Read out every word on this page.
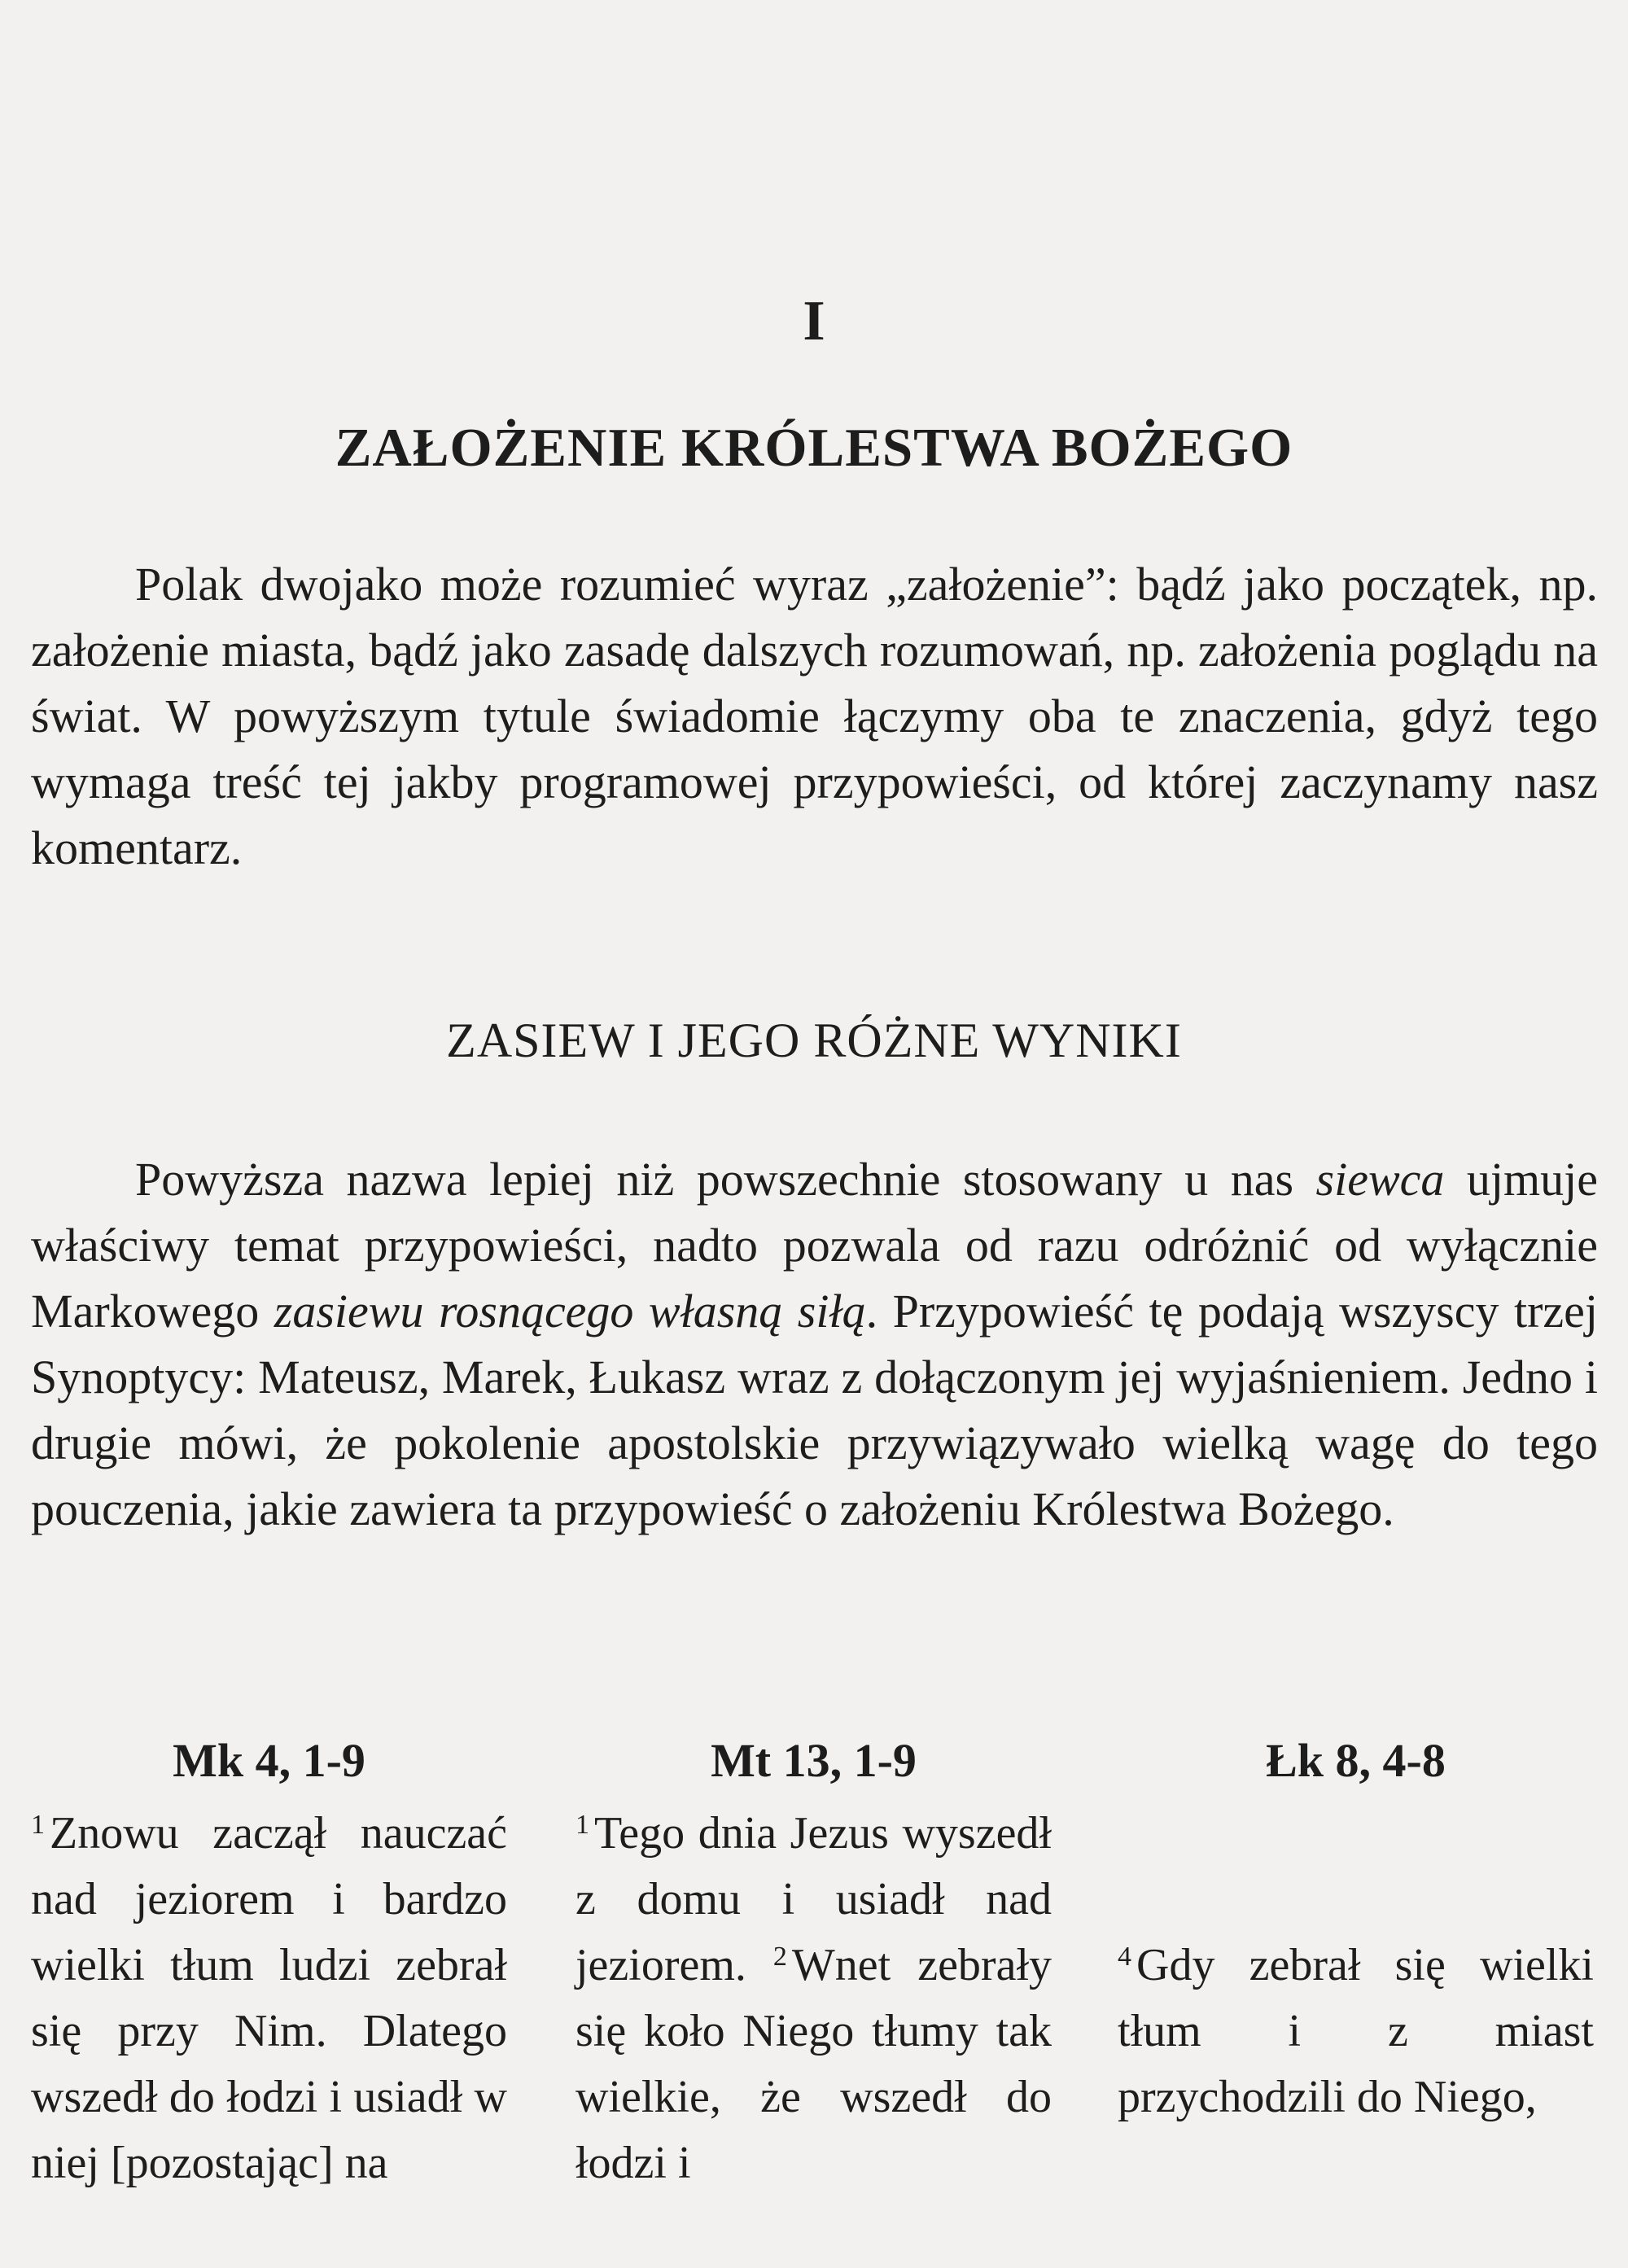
I
ZAŁOŻENIE KRÓLESTWA BOŻEGO
Polak dwojako może rozumieć wyraz „założenie”: bądź jako początek, np. założenie miasta, bądź jako zasadę dalszych rozumowań, np. założenia poglądu na świat. W powyższym tytule świadomie łączymy oba te znaczenia, gdyż tego wymaga treść tej jakby programowej przypowieści, od której zaczynamy nasz komentarz.
ZASIEW I JEGO RÓŻNE WYNIKI
Powyższa nazwa lepiej niż powszechnie stosowany u nas siewca ujmuje właściwy temat przypowieści, nadto pozwala od razu odróżnić od wyłącznie Markowego zasiewu rosnącego własną siłą. Przypowieść tę podają wszyscy trzej Synoptycy: Mateusz, Marek, Łukasz wraz z dołączonym jej wyjaśnieniem. Jedno i drugie mówi, że pokolenie apostolskie przywiązywało wielką wagę do tego pouczenia, jakie zawiera ta przypowieść o założeniu Królestwa Bożego.
Mk 4, 1-9

$^1$ Znowu zaczął nauczać nad jeziorem i bardzo wielki tłum ludzi zebrał się przy Nim. Dlatego wszedł do łodzi i usiadł w niej [pozostając] na

Mt 13, 1-9

$^1$ Tego dnia Jezus wyszedł z domu i usiadł nad jeziorem. $^2$ Wnet zebrały się koło Niego tłumy tak wielkie, że wszedł do łodzi i

Łk 8, 4-8

$^4$ Gdy zebrał się wielki tłum i z miast przychodzili do Niego,
